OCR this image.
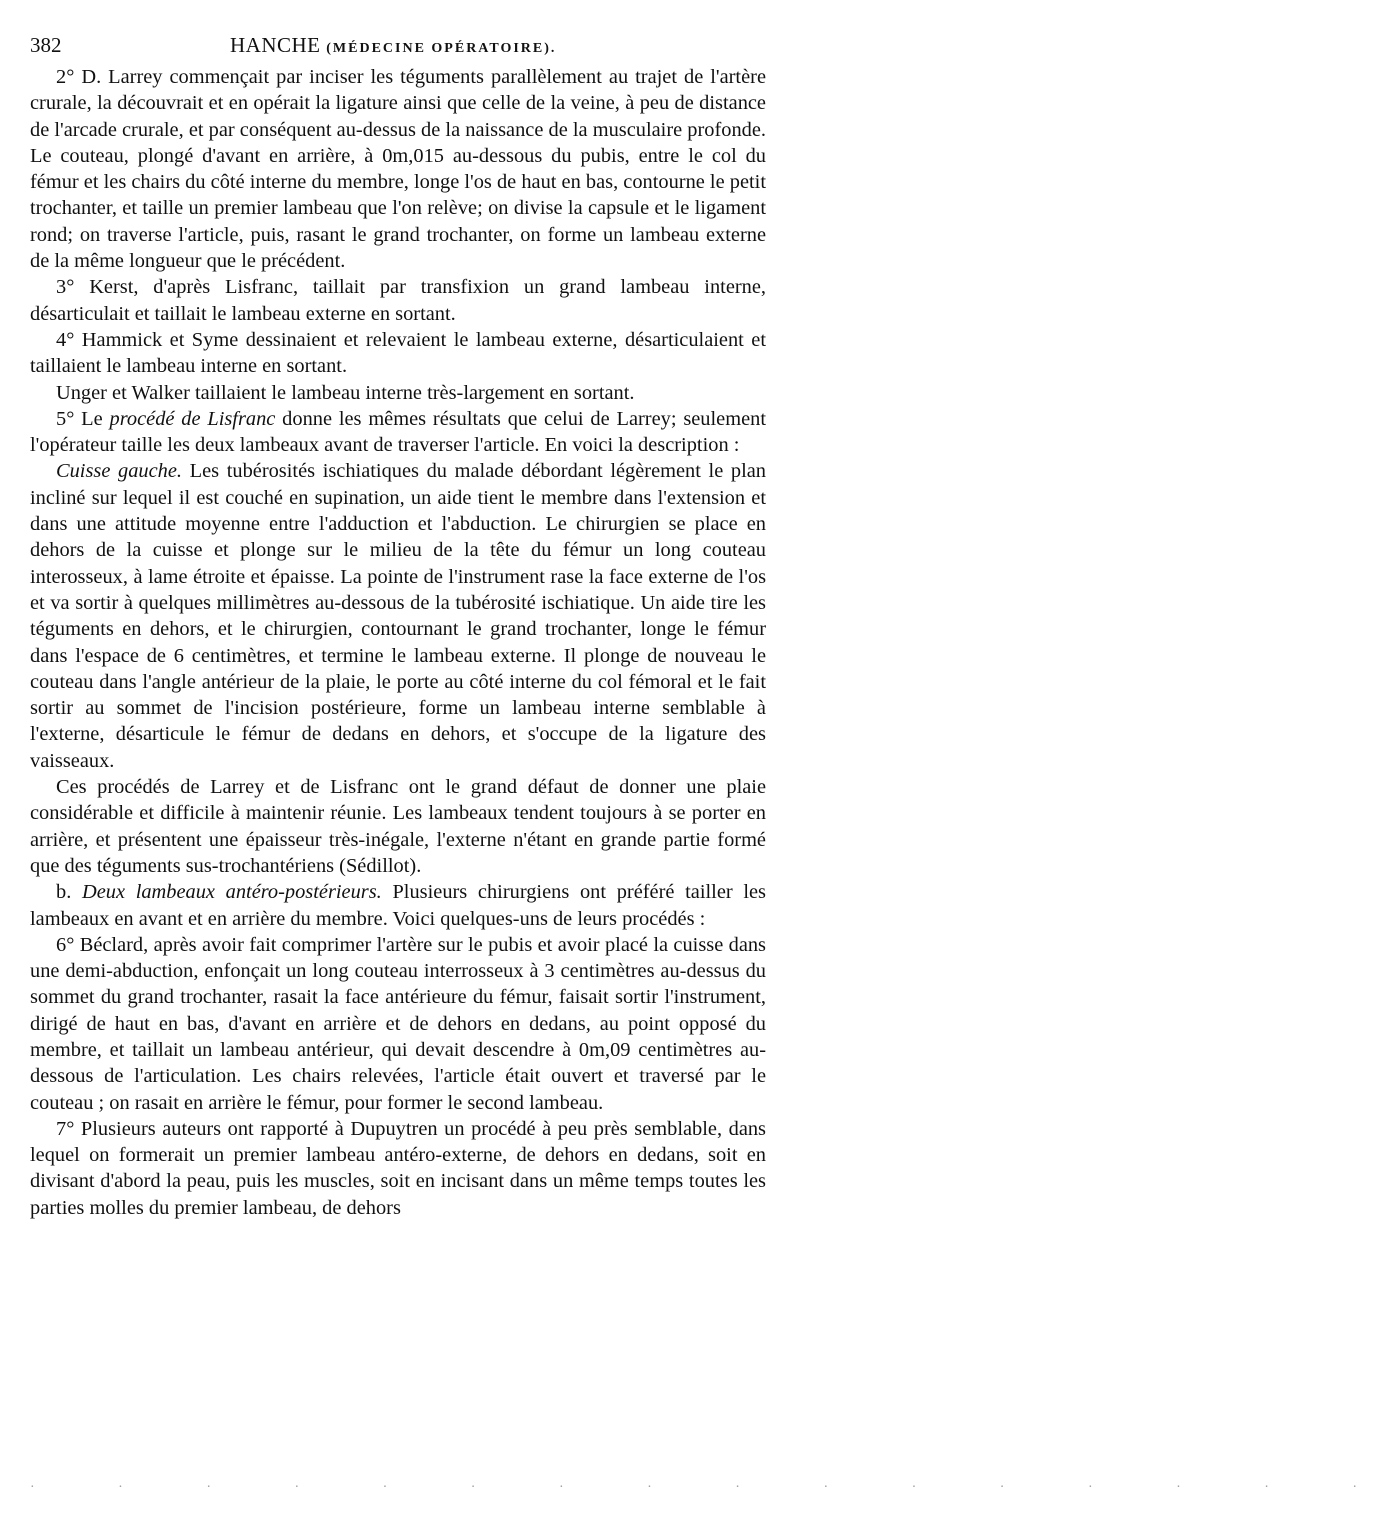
382	HANCHE (MÉDECINE OPÉRATOIRE).

2° D. Larrey commençait par inciser les téguments parallèlement au trajet de l'artère crurale, la découvrait et en opérait la ligature ainsi que celle de la veine, à peu de distance de l'arcade crurale, et par conséquent au-dessus de la naissance de la musculaire profonde. Le couteau, plongé d'avant en arrière, à 0m,015 au-dessous du pubis, entre le col du fémur et les chairs du côté interne du membre, longe l'os de haut en bas, contourne le petit trochanter, et taille un premier lambeau que l'on relève; on divise la capsule et le ligament rond; on traverse l'article, puis, rasant le grand trochanter, on forme un lambeau externe de la même longueur que le précédent.

3° Kerst, d'après Lisfranc, taillait par transfixion un grand lambeau interne, désarticulait et taillait le lambeau externe en sortant.

4° Hammick et Syme dessinaient et relevaient le lambeau externe, désarticulaient et taillaient le lambeau interne en sortant.

Unger et Walker taillaient le lambeau interne très-largement en sortant.

5° Le procédé de Lisfranc donne les mêmes résultats que celui de Larrey; seulement l'opérateur taille les deux lambeaux avant de traverser l'article. En voici la description :

Cuisse gauche. Les tubérosités ischiatiques du malade débordant légèrement le plan incliné sur lequel il est couché en supination, un aide tient le membre dans l'extension et dans une attitude moyenne entre l'adduction et l'abduction. Le chirurgien se place en dehors de la cuisse et plonge sur le milieu de la tête du fémur un long couteau interosseux, à lame étroite et épaisse. La pointe de l'instrument rase la face externe de l'os et va sortir à quelques millimètres au-dessous de la tubérosité ischiatique. Un aide tire les téguments en dehors, et le chirurgien, contournant le grand trochanter, longe le fémur dans l'espace de 6 centimètres, et termine le lambeau externe. Il plonge de nouveau le couteau dans l'angle antérieur de la plaie, le porte au côté interne du col fémoral et le fait sortir au sommet de l'incision postérieure, forme un lambeau interne semblable à l'externe, désarticule le fémur de dedans en dehors, et s'occupe de la ligature des vaisseaux.

Ces procédés de Larrey et de Lisfranc ont le grand défaut de donner une plaie considérable et difficile à maintenir réunie. Les lambeaux tendent toujours à se porter en arrière, et présentent une épaisseur très-inégale, l'externe n'étant en grande partie formé que des téguments sus-trochantériens (Sédillot).

b. Deux lambeaux antéro-postérieurs. Plusieurs chirurgiens ont préféré tailler les lambeaux en avant et en arrière du membre. Voici quelques-uns de leurs procédés :

6° Béclard, après avoir fait comprimer l'artère sur le pubis et avoir placé la cuisse dans une demi-abduction, enfonçait un long couteau interrosseux à 3 centimètres au-dessus du sommet du grand trochanter, rasait la face antérieure du fémur, faisait sortir l'instrument, dirigé de haut en bas, d'avant en arrière et de dehors en dedans, au point opposé du membre, et taillait un lambeau antérieur, qui devait descendre à 0m,09 centimètres au-dessous de l'articulation. Les chairs relevées, l'article était ouvert et traversé par le couteau ; on rasait en arrière le fémur, pour former le second lambeau.

7° Plusieurs auteurs ont rapporté à Dupuytren un procédé à peu près semblable, dans lequel on formerait un premier lambeau antéro-externe, de dehors en dedans, soit en divisant d'abord la peau, puis les muscles, soit en incisant dans un même temps toutes les parties molles du premier lambeau, de dehors

· · · · · · · · · · · · · · · ·
